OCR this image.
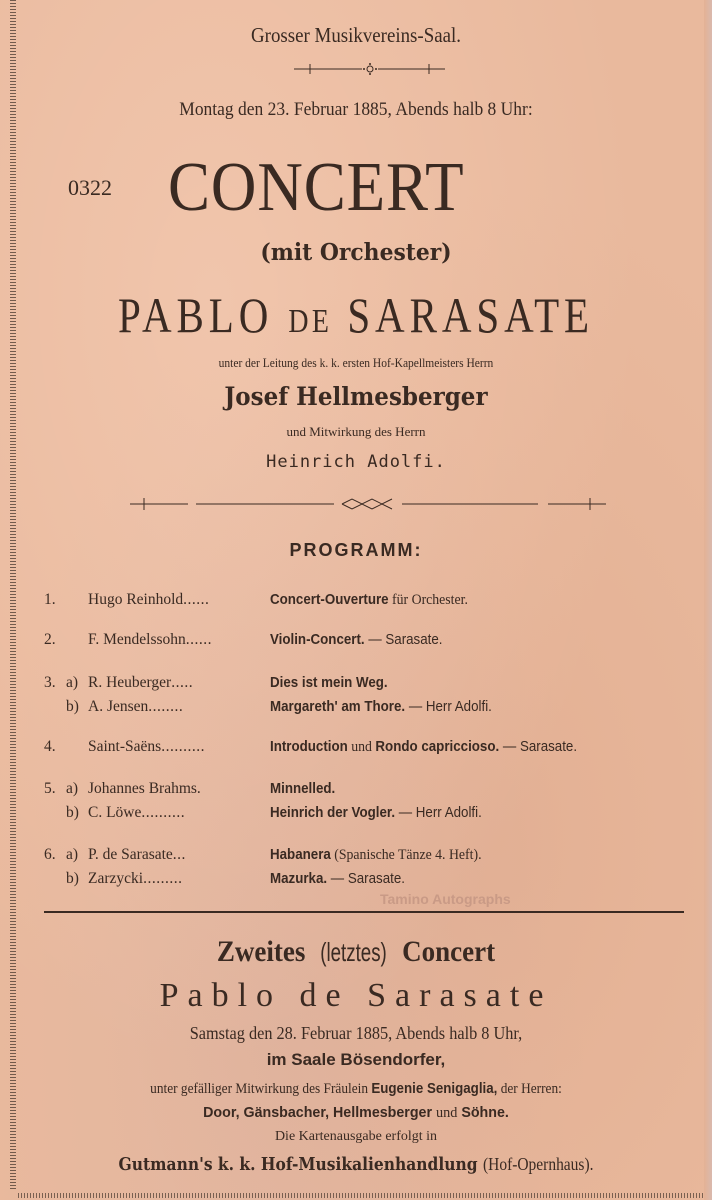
Grosser Musikvereins-Saal.
Montag den 23. Februar 1885, Abends halb 8 Uhr:
0322 CONCERT
(mit Orchester)
PABLO DE SARASATE
unter der Leitung des k. k. ersten Hof-Kapellmeisters Herrn
Josef Hellmesberger
und Mitwirkung des Herrn
Heinrich Adolfi.
PROGRAMM:
1.	Hugo Reinhold ......	Concert-Ouverture für Orchester.
2.	F. Mendelssohn ......	Violin-Concert. — Sarasate.
3. a) R. Heuberger .....	Dies ist mein Weg.
b) A. Jensen ........	Margareth' am Thore. — Herr Adolfi.
4.	Saint-Saëns ..........	Introduction und Rondo capriccioso. — Sarasate.
5. a) Johannes Brahms .	Minnelled.
b) C. Löwe ..........	Heinrich der Vogler. — Herr Adolfi.
6. a) P. de Sarasate ...	Habanera (Spanische Tänze 4. Heft).
b) Zarzycki .........	Mazurka. — Sarasate.
Tamino Autographs
Zweites (letztes) Concert
Pablo de Sarasate
Samstag den 28. Februar 1885, Abends halb 8 Uhr,
im Saale Bösendorfer,
unter gefälliger Mitwirkung des Fräulein Eugenie Senigaglia, der Herren:
Door, Gänsbacher, Hellmesberger und Söhne.
Die Kartenausgabe erfolgt in
Gutmann's k. k. Hof-Musikalienhandlung (Hof-Opernhaus).
